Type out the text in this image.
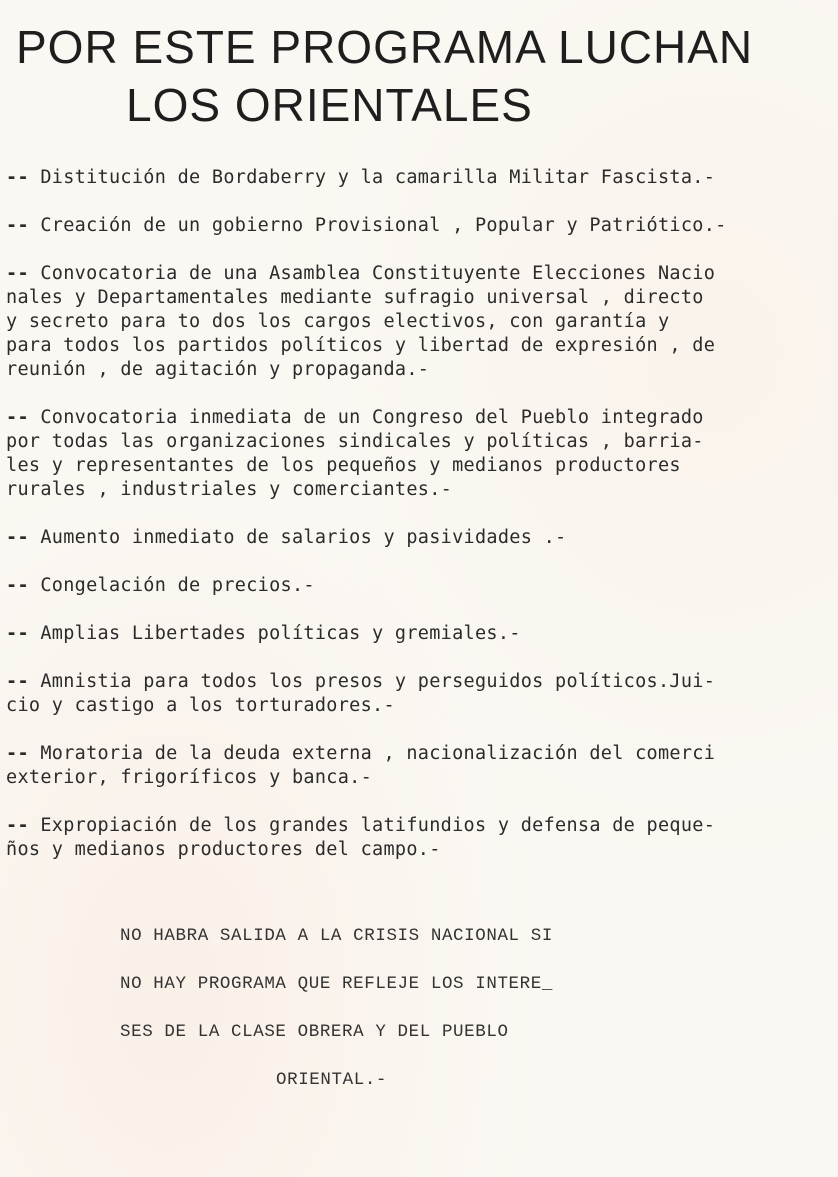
POR ESTE PROGRAMA LUCHAN
LOS ORIENTALES
-- Distitución de Bordaberry y la camarilla Militar Fascista.-
-- Creación de un gobierno Provisional , Popular y Patriótico.-
-- Convocatoria de una Asamblea Constituyente Elecciones Nacio
nales y Departamentales mediante sufragio universal , directo
y secreto para to dos los cargos electivos, con garantía y
para todos los partidos políticos y libertad de expresión , de
reunión , de agitación y propaganda.-
-- Convocatoria inmediata de un Congreso del Pueblo integrado
por todas las organizaciones sindicales y políticas , barria-
les y representantes de los pequeños y medianos productores
rurales , industriales y comerciantes.-
-- Aumento inmediato de salarios y pasividades .-
-- Congelación de precios.-
-- Amplias Libertades políticas y gremiales.-
-- Amnistia para todos los presos y perseguidos políticos.Jui-
cio y castigo a los torturadores.-
-- Moratoria de la deuda externa , nacionalización del comerci
exterior, frigoríficos y banca.-
-- Expropiación de los grandes latifundios y defensa de peque-
ños y medianos productores del campo.-
NO HABRA SALIDA A LA CRISIS NACIONAL SI
NO HAY PROGRAMA QUE REFLEJE LOS INTERE_
SES DE LA CLASE OBRERA Y DEL PUEBLO
ORIENTAL.-
